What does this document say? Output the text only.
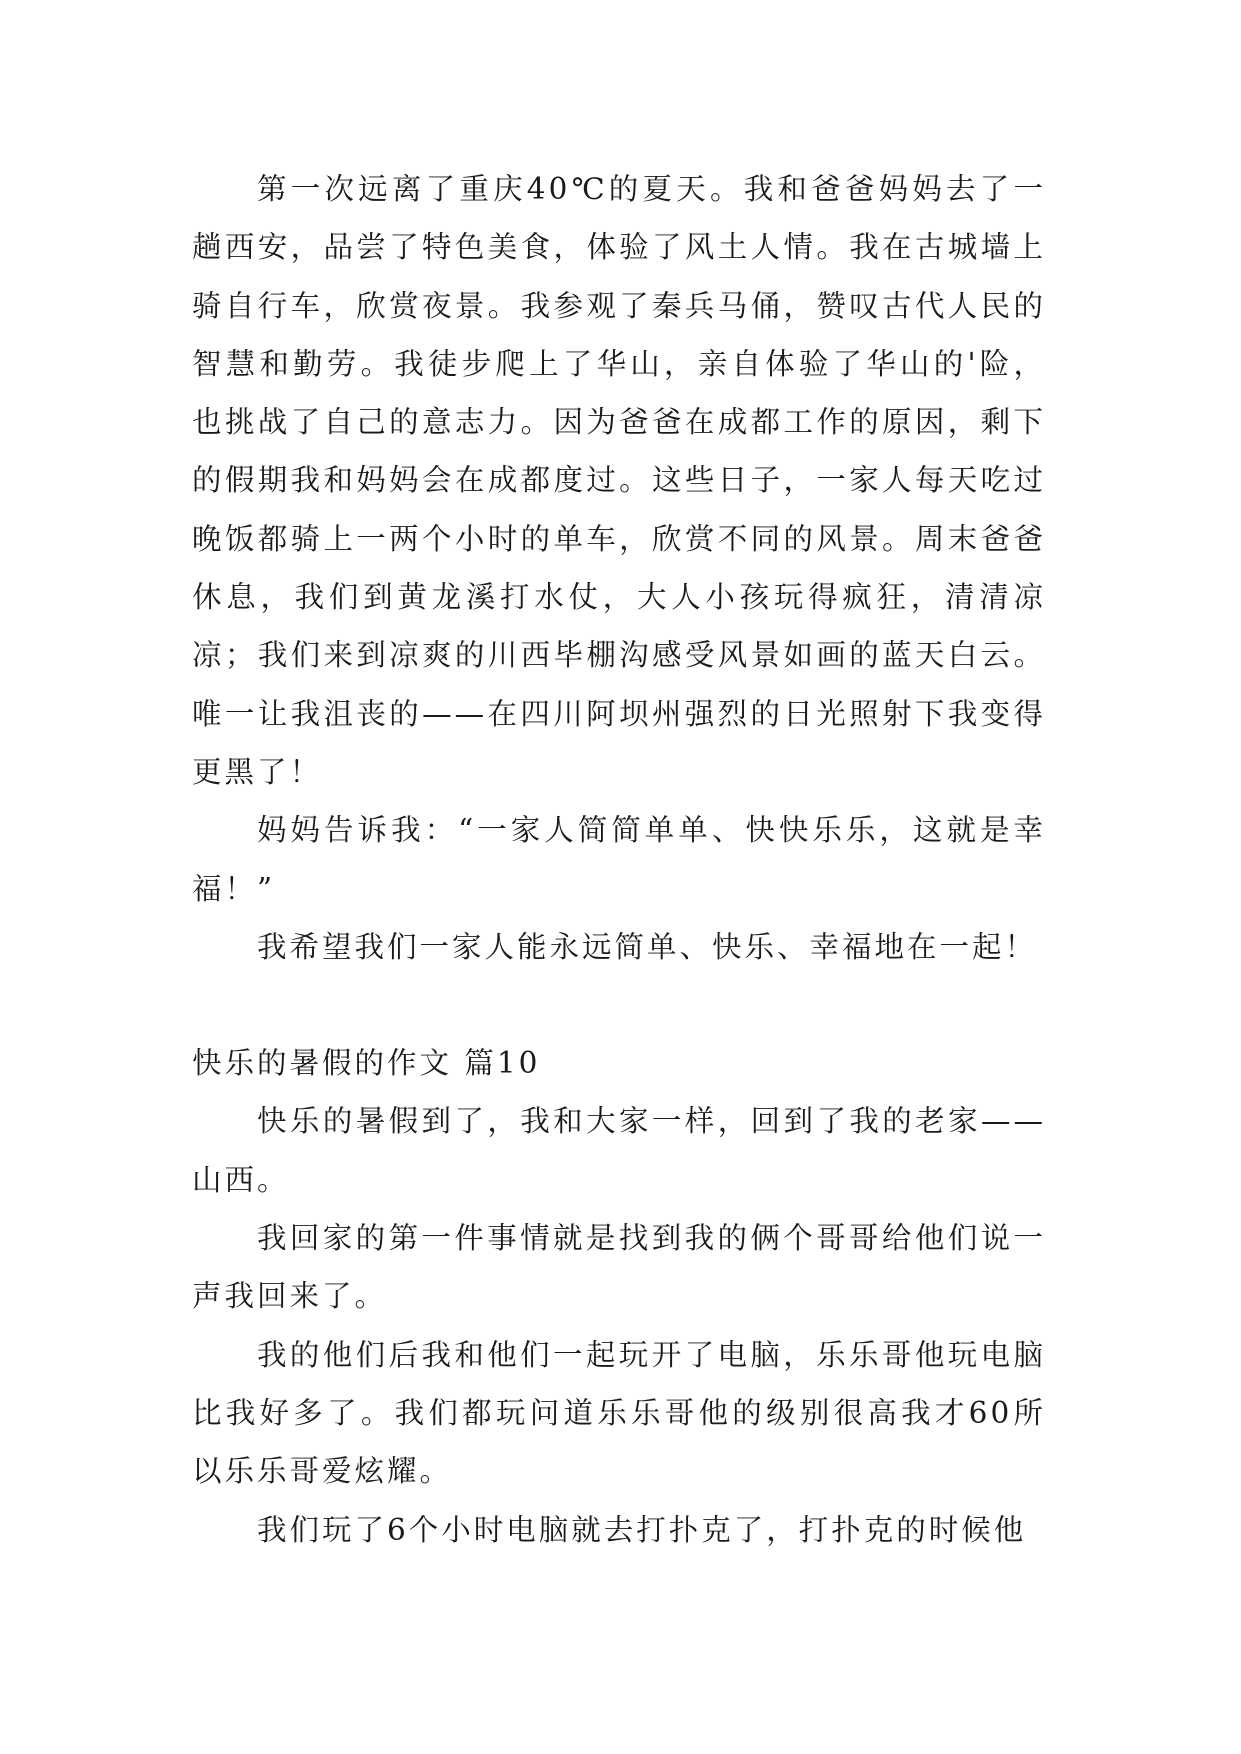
第一次远离了重庆40℃的夏天。我和爸爸妈妈去了一趟西安，品尝了特色美食，体验了风土人情。我在古城墙上骑自行车，欣赏夜景。我参观了秦兵马俑，赞叹古代人民的智慧和勤劳。我徒步爬上了华山，亲自体验了华山的'险，也挑战了自己的意志力。因为爸爸在成都工作的原因，剩下的假期我和妈妈会在成都度过。这些日子，一家人每天吃过晚饭都骑上一两个小时的单车，欣赏不同的风景。周末爸爸休息，我们到黄龙溪打水仗，大人小孩玩得疯狂，清清凉凉；我们来到凉爽的川西毕棚沟感受风景如画的蓝天白云。唯一让我沮丧的——在四川阿坝州强烈的日光照射下我变得更黑了！

妈妈告诉我：“一家人简简单单、快快乐乐，这就是幸福！”

我希望我们一家人能永远简单、快乐、幸福地在一起！

快乐的暑假的作文 篇10

快乐的暑假到了，我和大家一样，回到了我的老家——山西。

我回家的第一件事情就是找到我的俩个哥哥给他们说一声我回来了。

我的他们后我和他们一起玩开了电脑，乐乐哥他玩电脑比我好多了。我们都玩问道乐乐哥他的级别很高我才60所以乐乐哥爱炫耀。

我们玩了6个小时电脑就去打扑克了，打扑克的时候他
